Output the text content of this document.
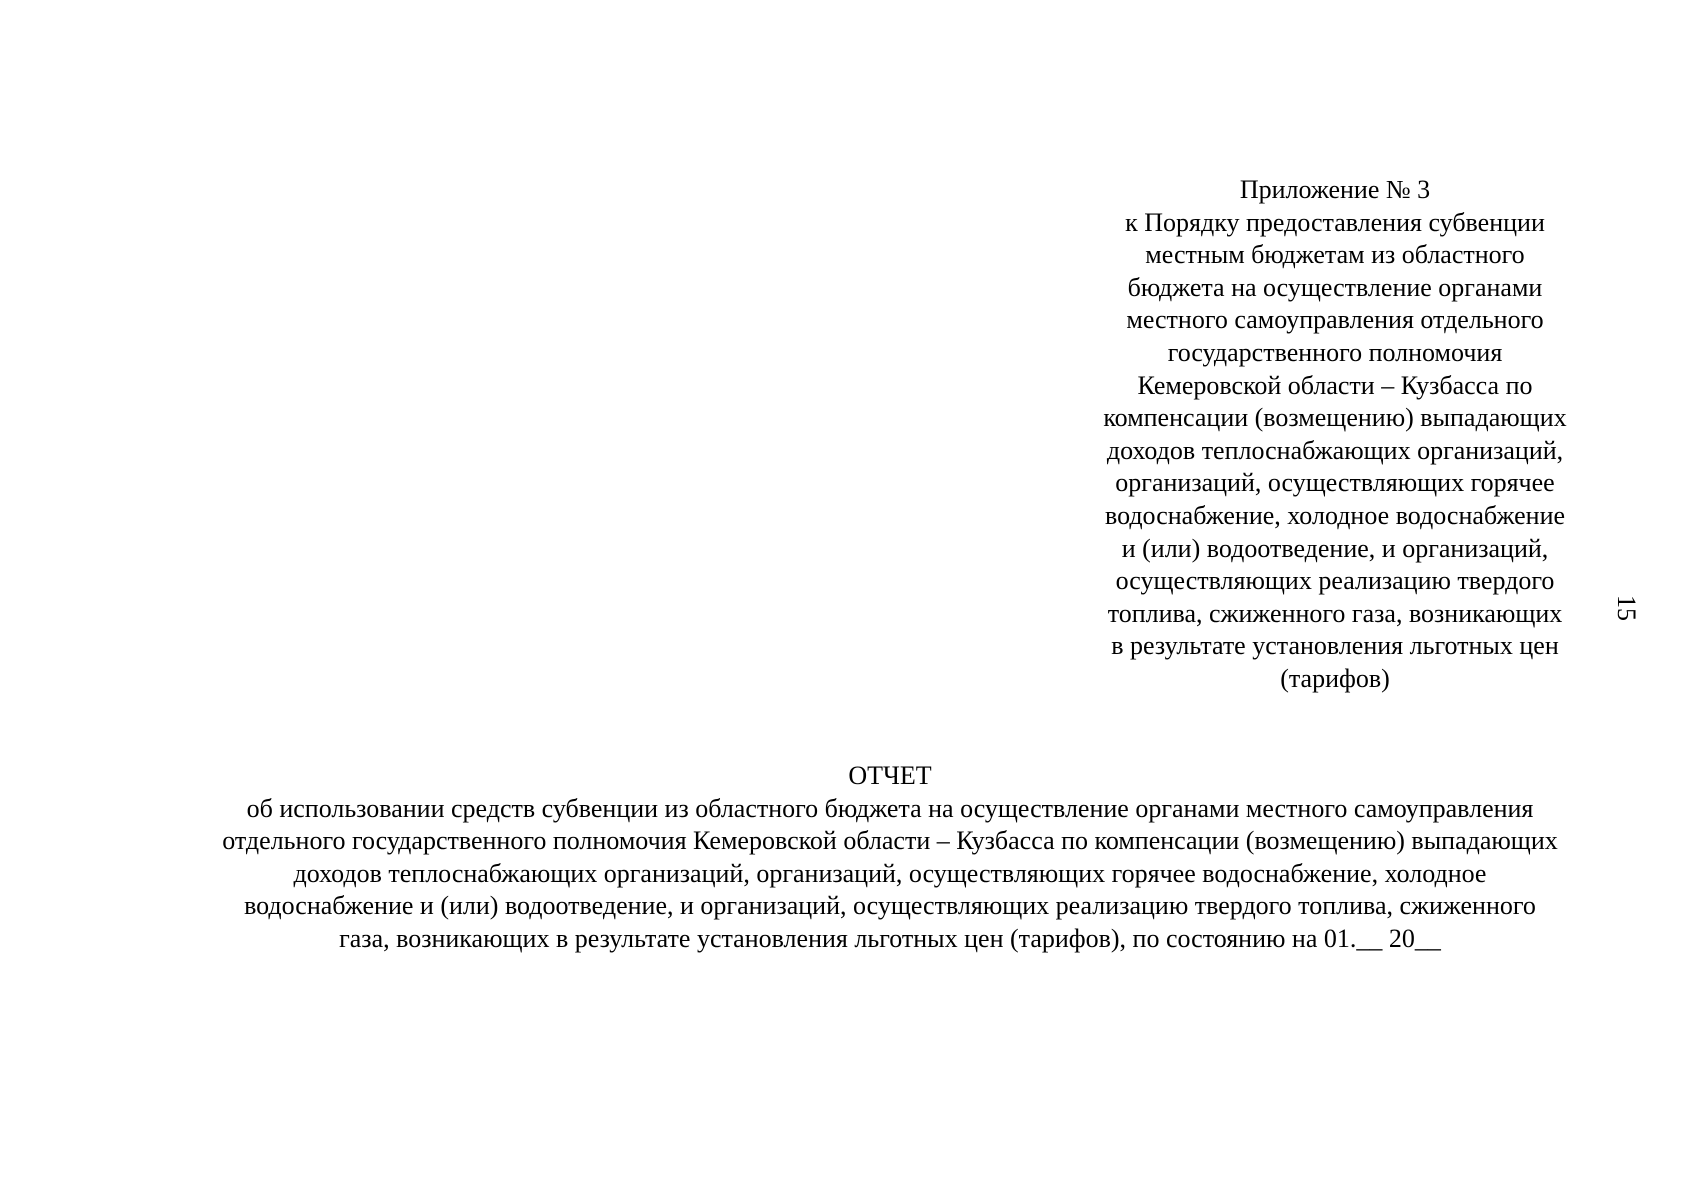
Приложение № 3
к Порядку предоставления субвенции
местным бюджетам из областного
бюджета на осуществление органами
местного самоуправления отдельного
государственного полномочия
Кемеровской области – Кузбасса по
компенсации (возмещению) выпадающих
доходов теплоснабжающих организаций,
организаций, осуществляющих горячее
водоснабжение, холодное водоснабжение
и (или) водоотведение, и организаций,
осуществляющих реализацию твердого
топлива, сжиженного газа, возникающих
в результате установления льготных цен
(тарифов)
15
ОТЧЕТ
об использовании средств субвенции из областного бюджета на осуществление органами местного самоуправления
отдельного государственного полномочия Кемеровской области – Кузбасса по компенсации (возмещению) выпадающих
доходов теплоснабжающих организаций, организаций, осуществляющих горячее водоснабжение, холодное
водоснабжение и (или) водоотведение, и организаций, осуществляющих реализацию твердого топлива, сжиженного
газа, возникающих в результате установления льготных цен (тарифов), по состоянию на 01.__ 20__
